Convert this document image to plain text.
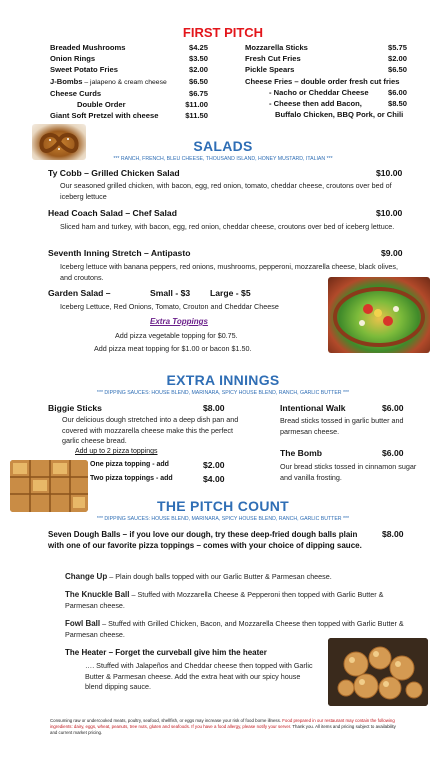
FIRST PITCH
Breaded Mushrooms	$4.25
Onion Rings	$3.50
Sweet Potato Fries	$2.00
J-Bombs – jalapeno & cream cheese	$6.50
Cheese Curds	$6.75
Double Order	$11.00
Giant Soft Pretzel with cheese	$11.50
Mozzarella Sticks	$5.75
Fresh Cut Fries	$2.00
Pickle Spears	$6.50
Cheese Fries – double order fresh cut fries
- Nacho or Cheddar Cheese	$6.00
- Cheese then add Bacon,	$8.50
Buffalo Chicken, BBQ Pork, or Chili
SALADS
*** RANCH, FRENCH, BLEU CHEESE, THOUSAND ISLAND, HONEY MUSTARD, ITALIAN ***
Ty Cobb – Grilled Chicken Salad	$10.00
Our seasoned grilled chicken, with bacon, egg, red onion, tomato, cheddar cheese, croutons over bed of iceberg lettuce
Head Coach Salad – Chef Salad	$10.00
Sliced ham and turkey, with bacon, egg, red onion, cheddar cheese, croutons over bed of iceberg lettuce.
Seventh Inning Stretch – Antipasto	$9.00
Iceberg lettuce with banana peppers, red onions, mushrooms, pepperoni, mozzarella cheese, black olives, and croutons.
Garden Salad –	Small - $3 Large - $5
Iceberg Lettuce, Red Onions, Tomato, Crouton and Cheddar Cheese
Extra Toppings
Add pizza vegetable topping for $0.75.
Add pizza meat topping for $1.00 or bacon $1.50.
EXTRA INNINGS
*** DIPPING SAUCES: HOUSE BLEND, MARINARA, SPICY HOUSE BLEND, RANCH, GARLIC BUTTER ***
Biggie Sticks	$8.00
Our delicious dough stretched into a deep dish pan and covered with mozzarella cheese make this the perfect garlic cheese bread.
Add up to 2 pizza toppings
One pizza topping - add	$2.00
Two pizza toppings - add	$4.00
Intentional Walk	$6.00
Bread sticks tossed in garlic butter and parmesan cheese.
The Bomb	$6.00
Our bread sticks tossed in cinnamon sugar and vanilla frosting.
THE PITCH COUNT
*** DIPPING SAUCES: HOUSE BLEND, MARINARA, SPICY HOUSE BLEND, RANCH, GARLIC BUTTER ***
Seven Dough Balls – if you love our dough, try these deep-fried dough balls plain with one of our favorite pizza toppings – comes with your choice of dipping sauce.
$8.00
Change Up – Plain dough balls topped with our Garlic Butter & Parmesan cheese.
The Knuckle Ball – Stuffed with Mozzarella Cheese & Pepperoni then topped with Garlic Butter & Parmesan cheese.
Fowl Ball – Stuffed with Grilled Chicken, Bacon, and Mozzarella Cheese then topped with Garlic Butter & Parmesan cheese.
The Heater – Forget the curveball give him the heater
…. Stuffed with Jalapeños and Cheddar cheese then topped with Garlic Butter & Parmesan cheese. Add the extra heat with our spicy house blend dipping sauce.
Consuming raw or undercooked meats, poultry, seafood, shellfish, or eggs may increase your risk of food borne illness. Food prepared in our restaurant may contain the following ingredients: dairy, eggs, wheat, peanuts, tree nuts, gluten and seafoods. If you have a food allergy, please notify your server. Thank you. All items and pricing subject to availability and current market pricing.
